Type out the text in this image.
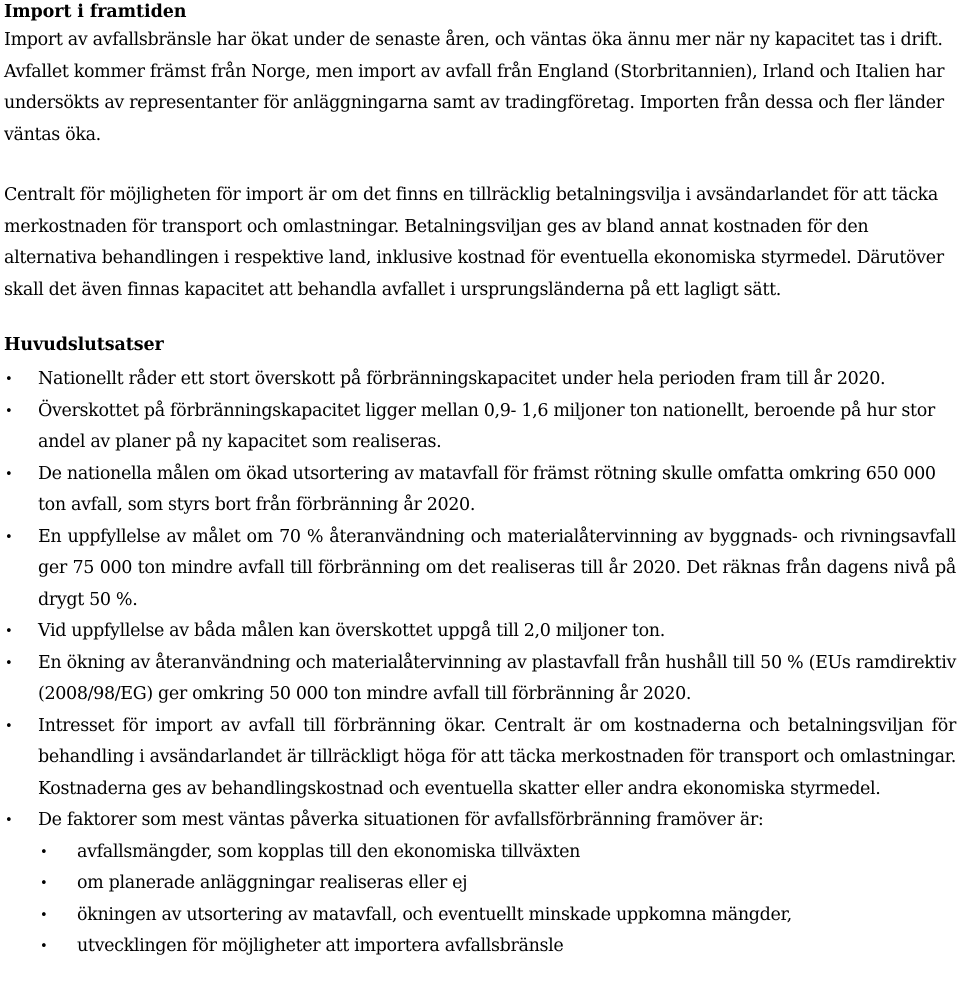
Import i framtiden

Import av avfallsbränsle har ökat under de senaste åren, och väntas öka ännu mer när ny kapacitet tas i drift. Avfallet kommer främst från Norge, men import av avfall från England (Storbritannien), Irland och Italien har undersökts av representanter för anläggningarna samt av tradingföretag. Importen från dessa och fler länder väntas öka.

Centralt för möjligheten för import är om det finns en tillräcklig betalningsvilja i avsändarlandet för att täcka merkostnaden för transport och omlastningar. Betalningsviljan ges av bland annat kostnaden för den alternativa behandlingen i respektive land, inklusive kostnad för eventuella ekonomiska styrmedel. Därutöver skall det även finnas kapacitet att behandla avfallet i ursprungsländerna på ett lagligt sätt.

Huvudslutsatser
• Nationellt råder ett stort överskott på förbränningskapacitet under hela perioden fram till år 2020.
• Överskottet på förbränningskapacitet ligger mellan 0,9- 1,6 miljoner ton nationellt, beroende på hur stor andel av planer på ny kapacitet som realiseras.
• De nationella målen om ökad utsortering av matavfall för främst rötning skulle omfatta omkring 650 000 ton avfall, som styrs bort från förbränning år 2020.
• En uppfyllelse av målet om 70 % återanvändning och materialåtervinning av byggnads- och rivningsavfall ger 75 000 ton mindre avfall till förbränning om det realiseras till år 2020. Det räknas från dagens nivå på drygt 50 %.
• Vid uppfyllelse av båda målen kan överskottet uppgå till 2,0 miljoner ton.
• En ökning av återanvändning och materialåtervinning av plastavfall från hushåll till 50 % (EUs ramdirektiv (2008/98/EG) ger omkring 50 000 ton mindre avfall till förbränning år 2020.
• Intresset för import av avfall till förbränning ökar. Centralt är om kostnaderna och betalningsviljan för behandling i avsändarlandet är tillräckligt höga för att täcka merkostnaden för transport och omlastningar. Kostnaderna ges av behandlingskostnad och eventuella skatter eller andra ekonomiska styrmedel.
• De faktorer som mest väntas påverka situationen för avfallsförbränning framöver är:
• avfallsmängder, som kopplas till den ekonomiska tillväxten
• om planerade anläggningar realiseras eller ej
• ökningen av utsortering av matavfall, och eventuellt minskade uppkomna mängder,
• utvecklingen för möjligheter att importera avfallsbränsle
